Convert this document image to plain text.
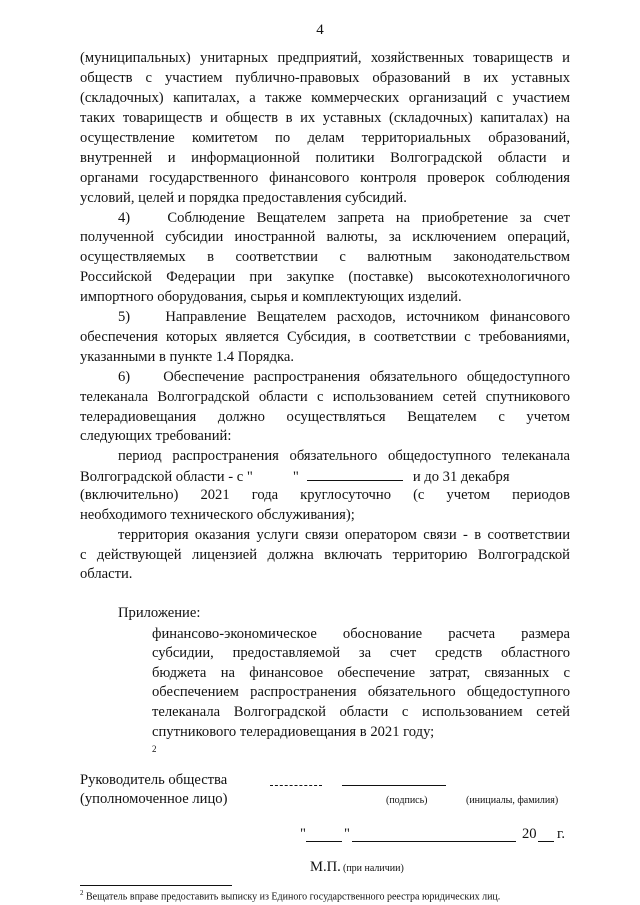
4
(муниципальных) унитарных предприятий, хозяйственных товариществ и
обществ с участием публично-правовых образований в их уставных
(складочных) капиталах, а также коммерческих организаций с участием
таких товариществ и обществ в их уставных (складочных) капиталах) на
осуществление комитетом по делам территориальных образований,
внутренней и информационной политики Волгоградской области и
органами государственного финансового контроля проверок соблюдения
условий, целей и порядка предоставления субсидий.
4)	Соблюдение Вещателем запрета на приобретение за счет
полученной субсидии иностранной валюты, за исключением операций,
осуществляемых в соответствии с валютным законодательством
Российской Федерации при закупке (поставке) высокотехнологичного
импортного оборудования, сырья и комплектующих изделий.
5) Направление Вещателем расходов, источником финансового
обеспечения которых является Субсидия, в соответствии с требованиями,
указанными в пункте 1.4 Порядка.
6) Обеспечение распространения обязательного общедоступного
телеканала Волгоградской области с использованием сетей спутникового
телерадиовещания должно осуществляться Вещателем с учетом
следующих требований:
период распространения обязательного общедоступного телеканала
Волгоградской области - с "	"	и до 31 декабря
(включительно) 2021 года круглосуточно (с учетом периодов
необходимого технического обслуживания);
территория оказания услуги связи оператором связи - в соответствии
с действующей лицензией должна включать территорию Волгоградской
области.
Приложение:
финансово-экономическое обоснование расчета размера
субсидии, предоставляемой за счет средств областного
бюджета на финансовое обеспечение затрат, связанных с
обеспечением распространения обязательного общедоступного
телеканала Волгоградской области с использованием сетей
спутникового телерадиовещания в 2021 году;
2
Руководитель общества
(уполномоченное лицо)	(подпись)	(инициалы, фамилия)
"	"	20 г.
М.П. (при наличии)
$^2$ Вещатель вправе предоставить выписку из Единого государственного реестра юридических лиц.
